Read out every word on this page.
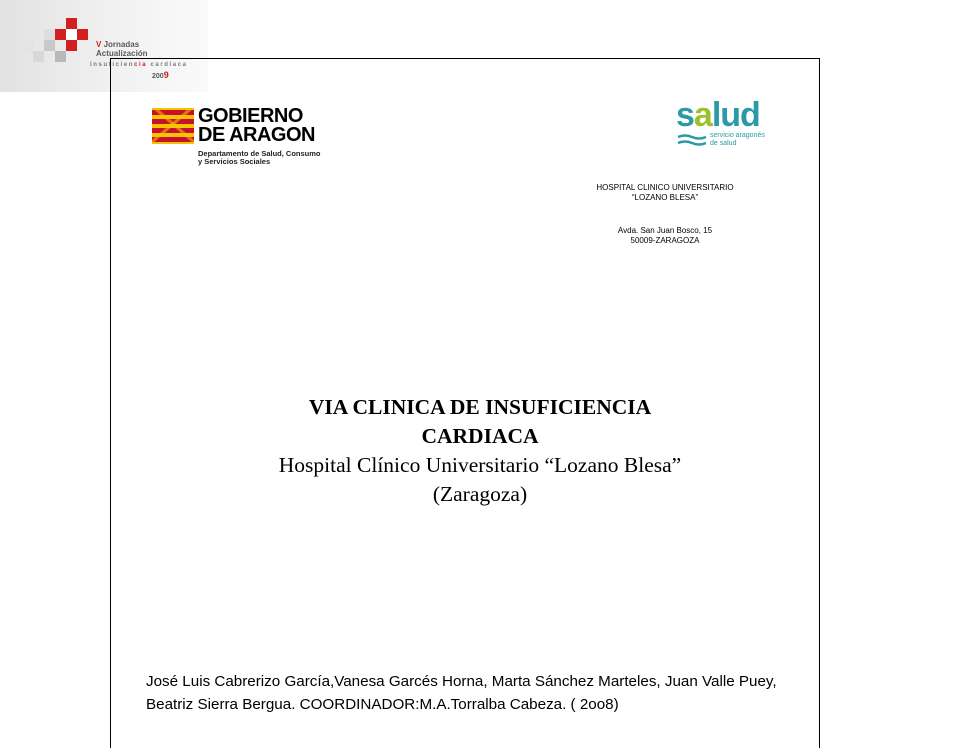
V Jornadas
Actualización
Insuficiencia cardiaca
2009
GOBIERNO
DE ARAGON
Departamento de Salud, Consumo
y Servicios Sociales
salud
servicio aragonés
de salud
HOSPITAL CLINICO UNIVERSITARIO
“LOZANO BLESA”
Avda. San Juan Bosco, 15
50009-ZARAGOZA
VIA CLINICA DE INSUFICIENCIA
CARDIACA
Hospital Clínico Universitario “Lozano Blesa”
(Zaragoza)
José Luis Cabrerizo García,Vanesa Garcés Horna, Marta Sánchez Marteles, Juan Valle Puey,
Beatriz Sierra Bergua. COORDINADOR:M.A.Torralba Cabeza. ( 2oo8)
